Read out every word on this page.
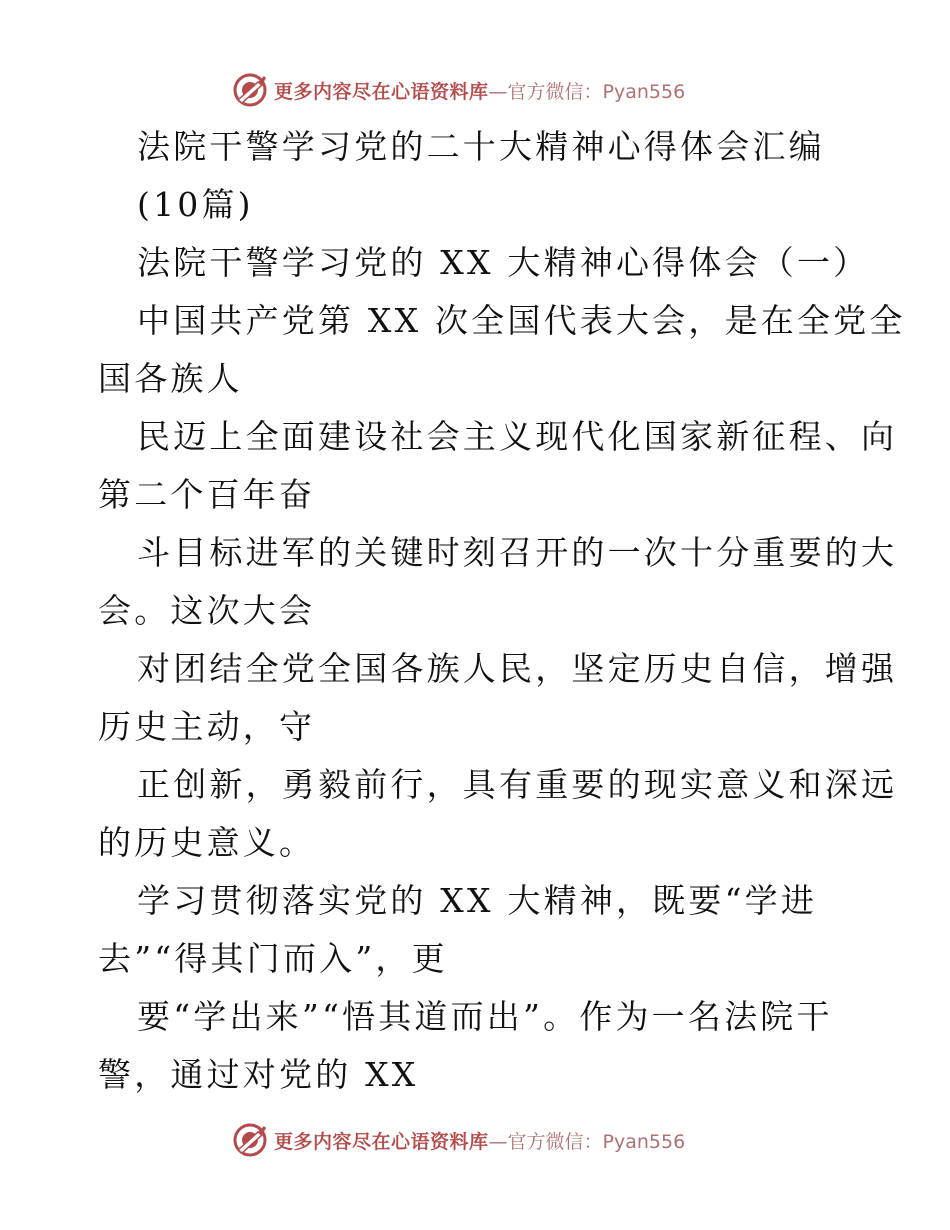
更多内容尽在心语资料库 —官方微信：Pyan556
法院干警学习党的二十大精神心得体会汇编
(10篇)
法院干警学习党的 XX 大精神心得体会（一）
中国共产党第 XX 次全国代表大会，是在全党全
国各族人
民迈上全面建设社会主义现代化国家新征程、向
第二个百年奋
斗目标进军的关键时刻召开的一次十分重要的大
会。这次大会
对团结全党全国各族人民，坚定历史自信，增强
历史主动，守
正创新，勇毅前行，具有重要的现实意义和深远
的历史意义。
学习贯彻落实党的 XX 大精神，既要“学进
去”“得其门而入”，更
要“学出来”“悟其道而出”。作为一名法院干
警，通过对党的 XX
更多内容尽在心语资料库 —官方微信：Pyan556
